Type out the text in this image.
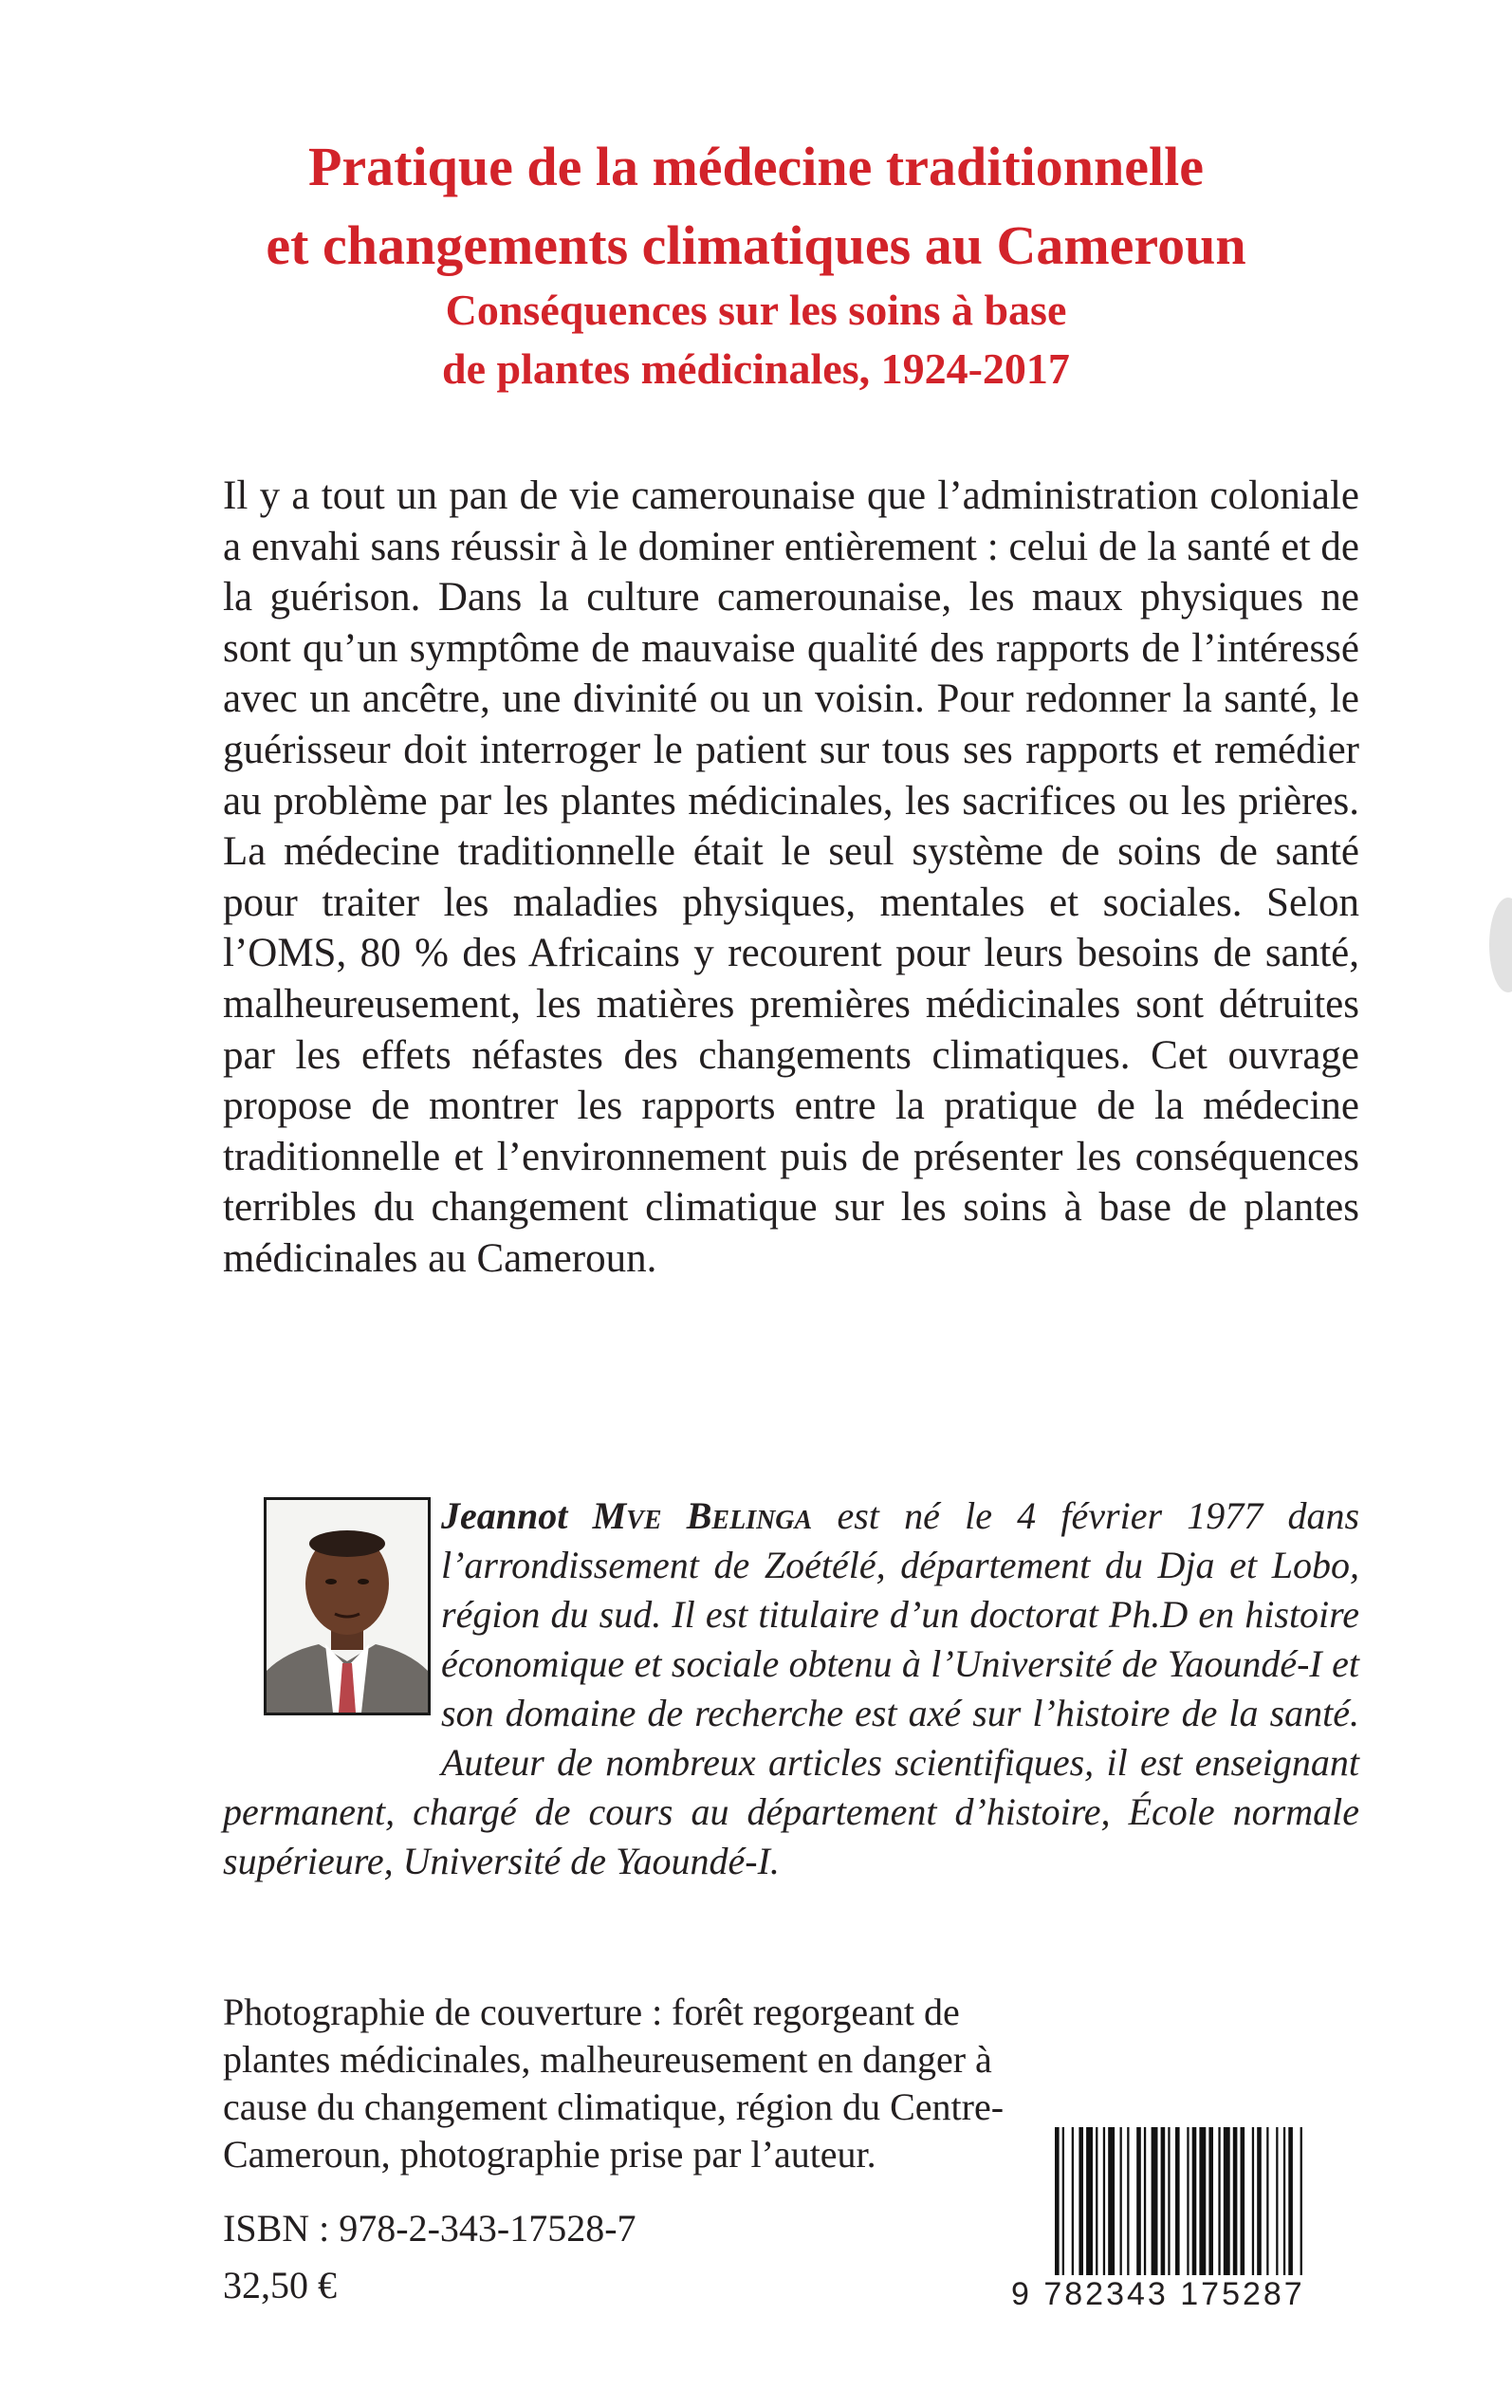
Pratique de la médecine traditionnelle
et changements climatiques au Cameroun
Conséquences sur les soins à base
de plantes médicinales, 1924-2017

Il y a tout un pan de vie camerounaise que l’administration coloniale a envahi sans réussir à le dominer entièrement : celui de la santé et de la guérison. Dans la culture camerounaise, les maux physiques ne sont qu’un symptôme de mauvaise qualité des rapports de l’intéressé avec un ancêtre, une divinité ou un voisin. Pour redonner la santé, le guérisseur doit interroger le patient sur tous ses rapports et remédier au problème par les plantes médicinales, les sacrifices ou les prières. La médecine traditionnelle était le seul système de soins de santé pour traiter les maladies physiques, mentales et sociales. Selon l’OMS, 80 % des Africains y recourent pour leurs besoins de santé, malheureusement, les matières premières médicinales sont détruites par les effets néfastes des changements climatiques. Cet ouvrage propose de montrer les rapports entre la pratique de la médecine traditionnelle et l’environnement puis de présenter les conséquences terribles du changement climatique sur les soins à base de plantes médicinales au Cameroun.

Jeannot Mve Belinga est né le 4 février 1977 dans l’arrondissement de Zoétélé, département du Dja et Lobo, région du sud. Il est titulaire d’un doctorat Ph.D en histoire économique et sociale obtenu à l’Université de Yaoundé-I et son domaine de recherche est axé sur l’histoire de la santé. Auteur de nombreux articles scientifiques, il est enseignant permanent, chargé de cours au département d’histoire, École normale supérieure, Université de Yaoundé-I.

Photographie de couverture : forêt regorgeant de plantes médicinales, malheureusement en danger à cause du changement climatique, région du Centre-Cameroun, photographie prise par l’auteur.

ISBN : 978-2-343-17528-7

32,50 €	9 782343 175287
